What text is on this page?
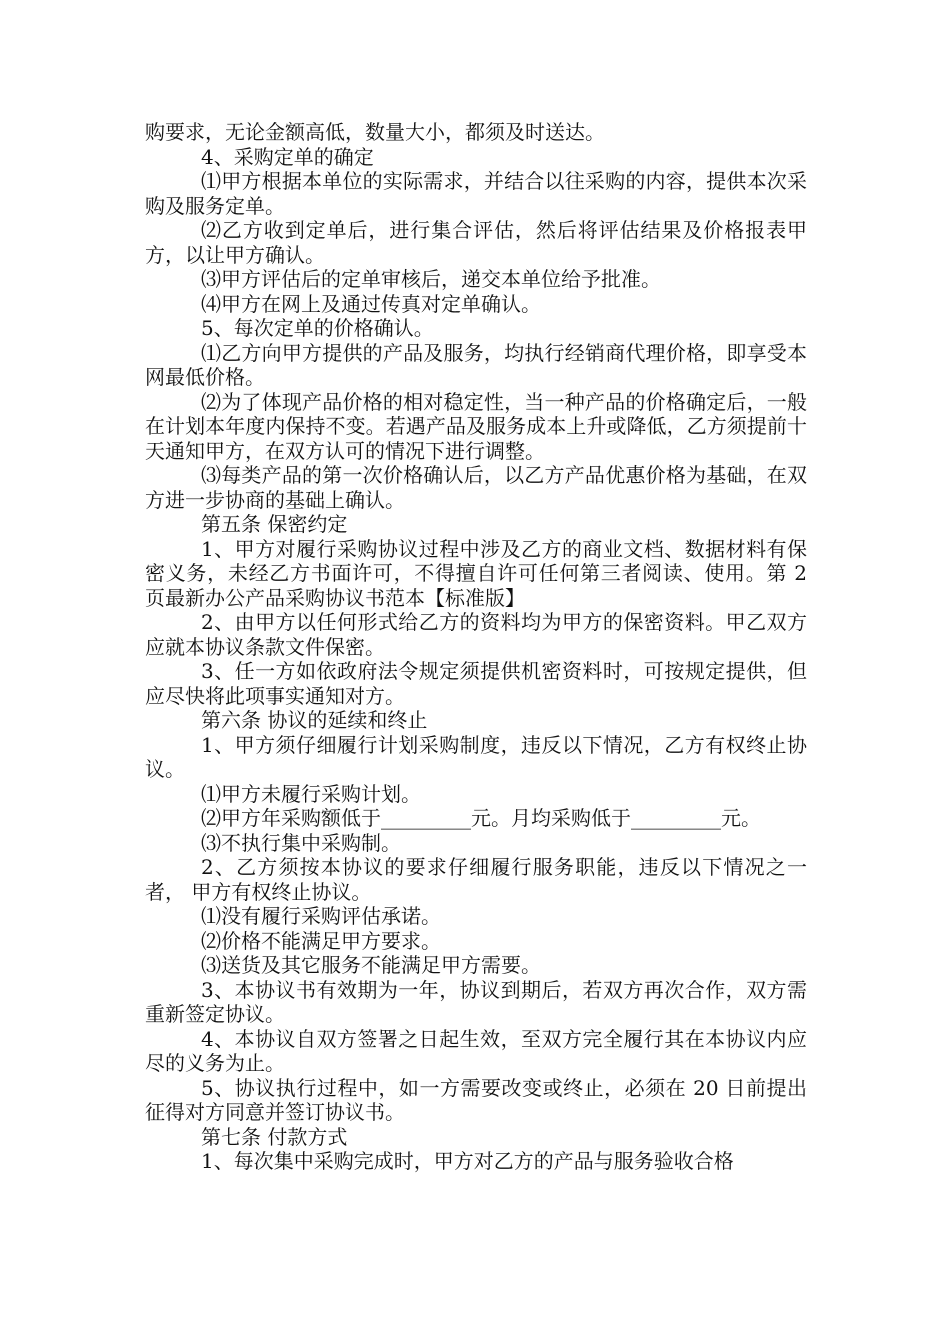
购要求，无论金额高低，数量大小，都须及时送达。

4、采购定单的确定

⑴甲方根据本单位的实际需求，并结合以往采购的内容，提供本次采购及服务定单。

⑵乙方收到定单后，进行集合评估，然后将评估结果及价格报表甲方，以让甲方确认。

⑶甲方评估后的定单审核后，递交本单位给予批准。

⑷甲方在网上及通过传真对定单确认。

5、每次定单的价格确认。

⑴乙方向甲方提供的产品及服务，均执行经销商代理价格，即享受本网最低价格。

⑵为了体现产品价格的相对稳定性，当一种产品的价格确定后，一般在计划本年度内保持不变。若遇产品及服务成本上升或降低，乙方须提前十天通知甲方，在双方认可的情况下进行调整。

⑶每类产品的第一次价格确认后，以乙方产品优惠价格为基础，在双方进一步协商的基础上确认。

第五条 保密约定

1、甲方对履行采购协议过程中涉及乙方的商业文档、数据材料有保密义务，未经乙方书面许可，不得擅自许可任何第三者阅读、使用。第 2 页最新办公产品采购协议书范本【标准版】

2、由甲方以任何形式给乙方的资料均为甲方的保密资料。甲乙双方应就本协议条款文件保密。

3、任一方如依政府法令规定须提供机密资料时，可按规定提供，但应尽快将此项事实通知对方。

第六条 协议的延续和终止

1、甲方须仔细履行计划采购制度，违反以下情况，乙方有权终止协议。

⑴甲方未履行采购计划。

⑵甲方年采购额低于_________元。月均采购低于_________元。

⑶不执行集中采购制。

2、乙方须按本协议的要求仔细履行服务职能，违反以下情况之一者， 甲方有权终止协议。

⑴没有履行采购评估承诺。

⑵价格不能满足甲方要求。

⑶送货及其它服务不能满足甲方需要。

3、本协议书有效期为一年，协议到期后，若双方再次合作，双方需重新签定协议。

4、本协议自双方签署之日起生效，至双方完全履行其在本协议内应尽的义务为止。

5、协议执行过程中，如一方需要改变或终止，必须在 20 日前提出征得对方同意并签订协议书。

第七条 付款方式

1、每次集中采购完成时，甲方对乙方的产品与服务验收合格
